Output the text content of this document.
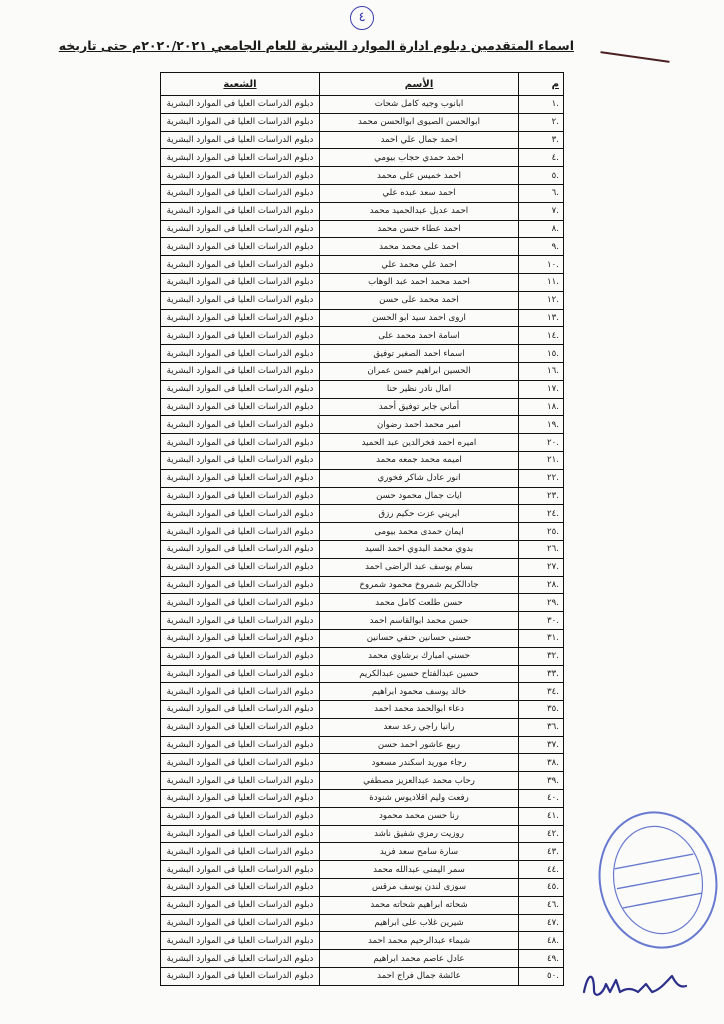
٤
اسماء المتقدمين دبلوم ادارة الموارد البشرية للعام الجامعي ٢٠٢٠/٢٠٢١م حتى تاريخه
م	الأسم	الشعبة
.١	ابانوب وجيه كامل شحات	دبلوم الدراسات العليا فى الموارد البشرية
.٢	ابوالحسن الصيوى ابوالحسن محمد	دبلوم الدراسات العليا فى الموارد البشرية
.٣	احمد جمال علي احمد	دبلوم الدراسات العليا فى الموارد البشرية
.٤	احمد حمدي حجاب بيومي	دبلوم الدراسات العليا فى الموارد البشرية
.٥	احمد خميس على محمد	دبلوم الدراسات العليا فى الموارد البشرية
.٦	احمد سعد عبده علي	دبلوم الدراسات العليا فى الموارد البشرية
.٧	احمد عديل عبدالحميد محمد	دبلوم الدراسات العليا فى الموارد البشرية
.٨	احمد عطاء حسن محمد	دبلوم الدراسات العليا فى الموارد البشرية
.٩	احمد على محمد محمد	دبلوم الدراسات العليا فى الموارد البشرية
.١٠	احمد علي محمد علي	دبلوم الدراسات العليا فى الموارد البشرية
.١١	احمد محمد احمد عبد الوهاب	دبلوم الدراسات العليا فى الموارد البشرية
.١٢	احمد محمد على حسن	دبلوم الدراسات العليا فى الموارد البشرية
.١٣	اروى احمد سيد ابو الحسن	دبلوم الدراسات العليا فى الموارد البشرية
.١٤	اسامة احمد محمد على	دبلوم الدراسات العليا فى الموارد البشرية
.١٥	اسماء احمد الصغير توفيق	دبلوم الدراسات العليا فى الموارد البشرية
.١٦	الحسين ابراهيم حسن عمران	دبلوم الدراسات العليا فى الموارد البشرية
.١٧	امال نادر نظير حنا	دبلوم الدراسات العليا فى الموارد البشرية
.١٨	أماني جابر توفيق أحمد	دبلوم الدراسات العليا فى الموارد البشرية
.١٩	امير محمد احمد رضوان	دبلوم الدراسات العليا فى الموارد البشرية
.٢٠	اميره احمد فخرالدين عبد الحميد	دبلوم الدراسات العليا فى الموارد البشرية
.٢١	اميمه محمد جمعه محمد	دبلوم الدراسات العليا فى الموارد البشرية
.٢٢	انور عادل شاكر فخوري	دبلوم الدراسات العليا فى الموارد البشرية
.٢٣	ايات جمال محمود حسن	دبلوم الدراسات العليا فى الموارد البشرية
.٢٤	ايريني عزت حكيم رزق	دبلوم الدراسات العليا فى الموارد البشرية
.٢٥	ايمان حمدى محمد بيومى	دبلوم الدراسات العليا فى الموارد البشرية
.٢٦	بدوي محمد البدوي احمد السيد	دبلوم الدراسات العليا فى الموارد البشرية
.٢٧	بسام يوسف عبد الراضى احمد	دبلوم الدراسات العليا فى الموارد البشرية
.٢٨	جادالكريم شمروخ محمود شمروخ	دبلوم الدراسات العليا فى الموارد البشرية
.٢٩	حسن طلعت كامل محمد	دبلوم الدراسات العليا فى الموارد البشرية
.٣٠	حسن محمد ابوالقاسم احمد	دبلوم الدراسات العليا فى الموارد البشرية
.٣١	حسنى حسانين حنفي حسانين	دبلوم الدراسات العليا فى الموارد البشرية
.٣٢	حسني امبارك برشاوي محمد	دبلوم الدراسات العليا فى الموارد البشرية
.٣٣	حسين عبدالفتاح حسين عبدالكريم	دبلوم الدراسات العليا فى الموارد البشرية
.٣٤	خالد يوسف محمود ابراهيم	دبلوم الدراسات العليا فى الموارد البشرية
.٣٥	دعاء ابوالحمد محمد احمد	دبلوم الدراسات العليا فى الموارد البشرية
.٣٦	رانيا راجي رعد سعد	دبلوم الدراسات العليا فى الموارد البشرية
.٣٧	ربيع عاشور احمد حسن	دبلوم الدراسات العليا فى الموارد البشرية
.٣٨	رجاء موريد اسكندر مسعود	دبلوم الدراسات العليا فى الموارد البشرية
.٣٩	رحاب محمد عبدالعزيز مصطفي	دبلوم الدراسات العليا فى الموارد البشرية
.٤٠	رفعت وليم اقلاديوس شنودة	دبلوم الدراسات العليا فى الموارد البشرية
.٤١	رنا حسن محمد محمود	دبلوم الدراسات العليا فى الموارد البشرية
.٤٢	روزيت رمزي شفيق ناشد	دبلوم الدراسات العليا فى الموارد البشرية
.٤٣	سارة سامح سعد فريد	دبلوم الدراسات العليا فى الموارد البشرية
.٤٤	سمر اليمنى عبدالله محمد	دبلوم الدراسات العليا فى الموارد البشرية
.٤٥	سوزى لندن يوسف مرقس	دبلوم الدراسات العليا فى الموارد البشرية
.٤٦	شحاته ابراهيم شحاته محمد	دبلوم الدراسات العليا فى الموارد البشرية
.٤٧	شيرين غلاب على ابراهيم	دبلوم الدراسات العليا فى الموارد البشرية
.٤٨	شيماء عبدالرحيم محمد احمد	دبلوم الدراسات العليا فى الموارد البشرية
.٤٩	عادل عاصم محمد ابراهيم	دبلوم الدراسات العليا فى الموارد البشرية
.٥٠	عائشة جمال فراج احمد	دبلوم الدراسات العليا فى الموارد البشرية
